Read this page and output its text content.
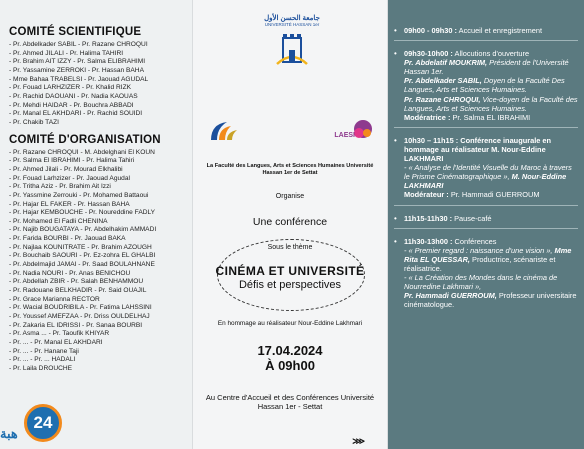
COMITÉ SCIENTIFIQUE
- Pr. Abdelkader SABIL - Pr. Razane CHROQUI
- Pr. Ahmed JILALI - Pr. Halima TAHIRI
- Pr. Brahim AIT IZZY - Pr. Salma ELIBRAHIMI
- Pr. Yassamine ZERROKI - Pr. Hassan BAHA
- Mme Bahaa TRABELSI - Pr. Jaouad AGUDAL
- Pr. Fouad LARHZIZER - Pr. Khalid RIZK
- Pr. Rachid DAOUANI - Pr. Nadia KAOUAS
- Pr. Mehdi HAIDAR - Pr. Bouchra ABBADI
- Pr. Manal EL AKHDARI - Pr. Rachid SOUIDI
- Pr. Chakib TAZI
COMITÉ D'ORGANISATION
- Pr. Razane CHROQUI - M. Abdelghani El KOUN
- Pr. Salma El IBRAHIMI - Pr. Halima Tahiri
- Pr. Ahmed Jilali - Pr. Mourad Elkhalibi
- Pr. Fouad Larhzizer - Pr. Jaouad Agudal
- Pr. Tritha Aziz - Pr. Brahim Ait Izzi
- Pr. Yassmine Zerrouki - Pr. Mohamed Battaoui
- Pr. Hajar EL FAKER - Pr. Hassan BAHA
- Pr. Hajar KEMBOUCHE - Pr. Noureddine FADLY
- Pr. Mohamed El Fadli CHENINA
- Pr. Najib BOUGATAYA - Pr. Abdelhakim AMMADI
- Pr. Farida BOURBI - Pr. Jaouad BAKA
- Pr. Najlaa KOUNITRATE - Pr. Brahim AZOUGH
- Pr. Bouchaib SAOURI - Pr. Ez-zohra EL GHALBI
- Pr. Abdelmajid JAMAI - Pr. Saad BOULAHNANE
- Pr. Nadia NOURI - Pr. Anas BENICHOU
- Pr. Abdellah ZBIR - Pr. Salah BENHAMMOU
- Pr. Radouane BELKHADIR - Pr. Said OUAJIL
- Pr. Grace Marianna RECTOR
- Pr. Wacial BOUDRIBILA - Pr. Fatima LAHSSINI
- Pr. Youssef AMEFZAA - Pr. Driss OULDELHAJ
- Pr. Zakaria EL IDRISSI - Pr. Sanaa BOURBI
- Pr. Asma ... - Pr. Taoufik KHIYAR
- Pr. ... - Pr. Manal EL AKHDARI
- Pr. ... - Pr. Hanane Taji
- Pr. ... - Pr. ... HADALI
- Pr. Laila DROUCHE
جامعة الحسن الأول
UNIVERSITÉ HASSAN 1er
LAESI
La Faculté des Langues, Arts et Sciences Humaines Université Hassan 1er de Settat
Organise
Une conférence
Sous le thème
CINÉMA ET UNIVERSITÉ
Défis et perspectives
En hommage au réalisateur Nour-Eddine Lakhmari
17.04.2024
À 09h00
Au Centre d'Accueil et des Conférences Université Hassan 1er - Settat
⋙
• 09h00 - 09h30 : Accueil et enregistrement
• 09h30-10h00 : Allocutions d'ouverture
Pr. Abdelatif MOUKRIM, Président de l'Université Hassan 1er.
Pr. Abdelkader SABIL, Doyen de la Faculté Des Langues, Arts et Sciences Humaines.
Pr. Razane CHROQUI, Vice-doyen de la Faculté des Langues, Arts et Sciences Humaines.
Modératrice : Pr. Salma EL IBRAHIMI
• 10h30 – 11h15 : Conférence inaugurale en hommage au réalisateur M. Nour-Eddine LAKHMARI
- « Analyse de l'Identité Visuelle du Maroc à travers le Prisme Cinématographique », M. Nour-Eddine LAKHMARI
Modérateur : Pr. Hammadi GUERROUM
• 11h15-11h30 : Pause-café
• 11h30-13h00 : Conférences
- « Premier regard : naissance d'une vision », Mme Rita EL QUESSAR, Productrice, scénariste et réalisatrice.
- « La Création des Mondes dans le cinéma de Nourredine Lakhmari »,
Pr. Hammadi GUERROUM, Professeur universitaire cinématologue.
هبة
24
